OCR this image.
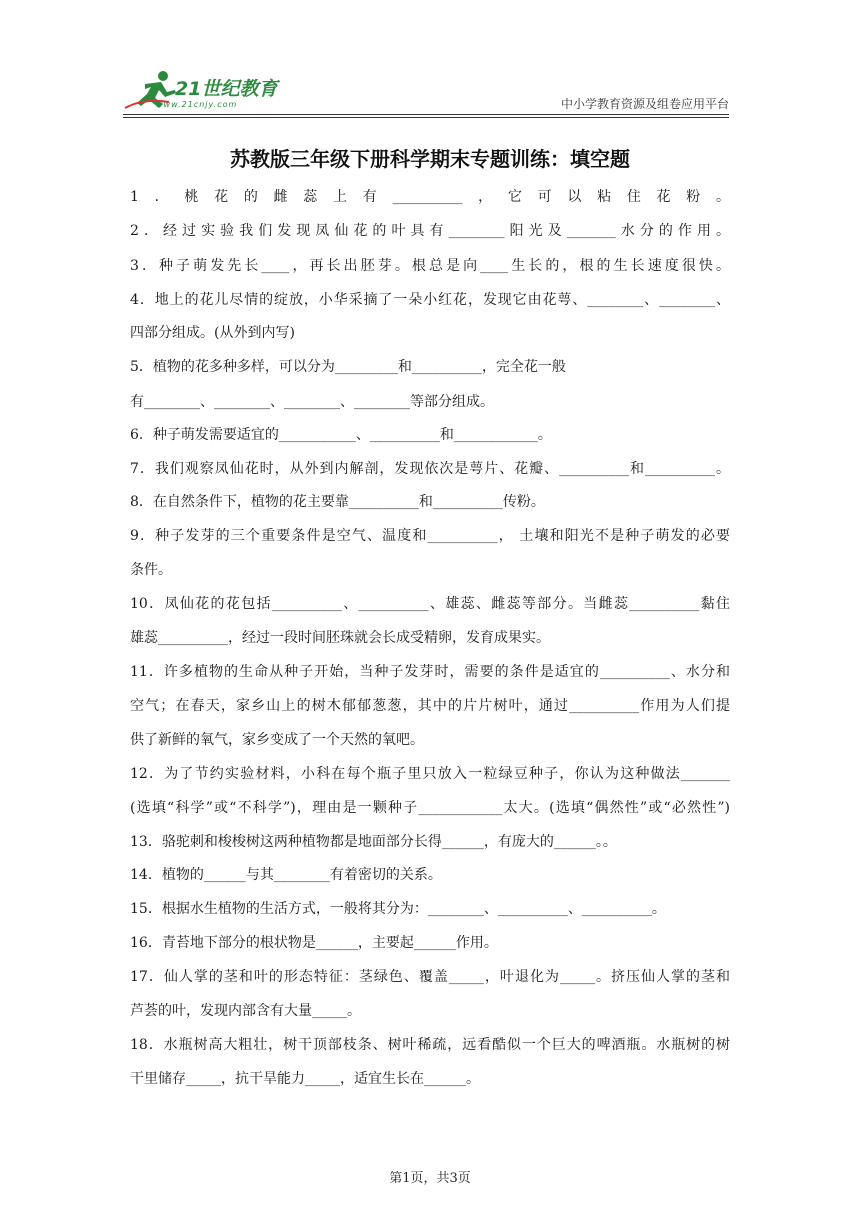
21世纪教育
www.21cnjy.com	中小学教育资源及组卷应用平台
苏教版三年级下册科学期末专题训练：填空题
1．桃花的雌蕊上有__________，它可以粘住花粉。
2．经过实验我们发现凤仙花的叶具有________阳光及_______水分的作用。
3．种子萌发先长____，再长出胚芽。根总是向____生长的，根的生长速度很快。
4．地上的花儿尽情的绽放，小华采摘了一朵小红花，发现它由花萼、________、________、
四部分组成。(从外到内写)
5．植物的花多种多样，可以分为_________和__________，完全花一般
有________、________、________、________等部分组成。
6．种子萌发需要适宜的___________、__________和____________。
7．我们观察凤仙花时，从外到内解剖，发现依次是萼片、花瓣、__________和__________。
8．在自然条件下，植物的花主要靠__________和__________传粉。
9．种子发芽的三个重要条件是空气、温度和__________， 土壤和阳光不是种子萌发的必要
条件。
10．凤仙花的花包括__________、__________、雄蕊、雌蕊等部分。当雌蕊__________黏住
雄蕊__________，经过一段时间胚珠就会长成受精卵，发育成果实。
11．许多植物的生命从种子开始，当种子发芽时，需要的条件是适宜的__________、水分和
空气；在春天，家乡山上的树木郁郁葱葱，其中的片片树叶，通过__________作用为人们提
供了新鲜的氧气，家乡变成了一个天然的氧吧。
12．为了节约实验材料，小科在每个瓶子里只放入一粒绿豆种子，你认为这种做法_______
(选填“科学”或“不科学”)，理由是一颗种子____________太大。(选填“偶然性”或“必然性”)
13．骆驼刺和梭梭树这两种植物都是地面部分长得______，有庞大的______。。
14．植物的______与其________有着密切的关系。
15．根据水生植物的生活方式，一般将其分为：________、__________、__________。
16．青苔地下部分的根状物是______，主要起______作用。
17．仙人掌的茎和叶的形态特征：茎绿色、覆盖_____，叶退化为_____。挤压仙人掌的茎和
芦荟的叶，发现内部含有大量_____。
18．水瓶树高大粗壮，树干顶部枝条、树叶稀疏，远看酷似一个巨大的啤酒瓶。水瓶树的树
干里储存_____，抗干旱能力_____，适宜生长在______。
第1页，共3页
